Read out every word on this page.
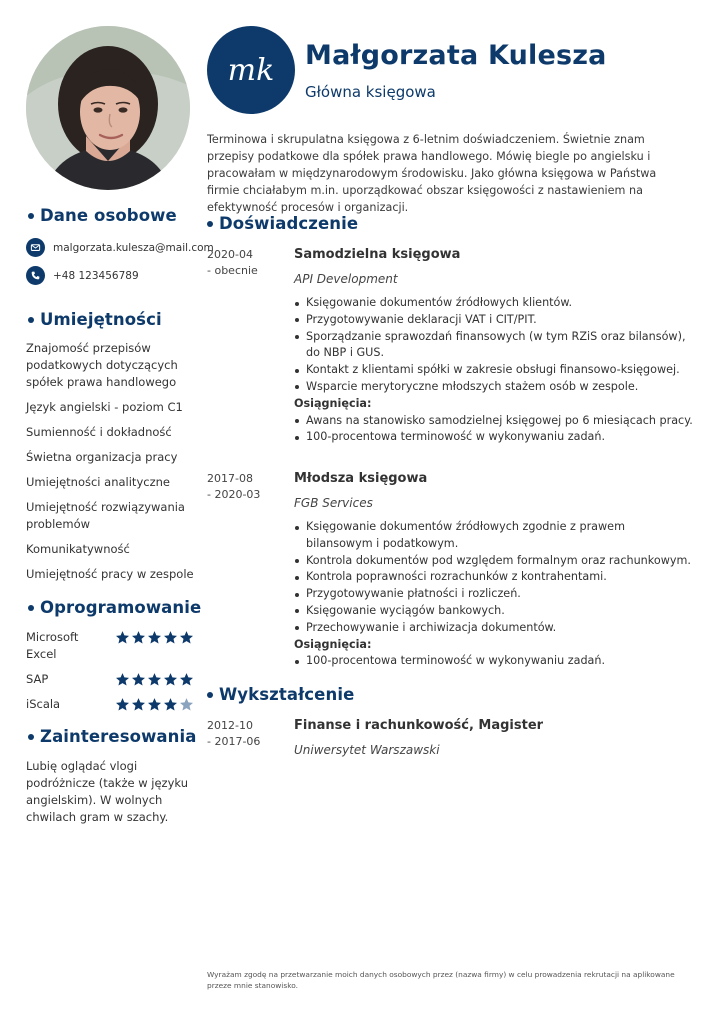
mk Małgorzata Kulesza
Główna księgowa
Terminowa i skrupulatna księgowa z 6-letnim doświadczeniem. Świetnie znam przepisy podatkowe dla spółek prawa handlowego. Mówię biegle po angielsku i pracowałam w międzynarodowym środowisku. Jako główna księgowa w Państwa firmie chciałabym m.in. uporządkować obszar księgowości z nastawieniem na efektywność procesów i organizacji.
Dane osobowe
malgorzata.kulesza@mail.com
+48 123456789
Umiejętności
Znajomość przepisów podatkowych dotyczących spółek prawa handlowego
Język angielski - poziom C1
Sumienność i dokładność
Świetna organizacja pracy
Umiejętności analityczne
Umiejętność rozwiązywania problemów
Komunikatywność
Umiejętność pracy w zespole
Oprogramowanie
Microsoft Excel
SAP
iScala
Zainteresowania
Lubię oglądać vlogi podróżnicze (także w języku angielskim). W wolnych chwilach gram w szachy.
Doświadczenie
2020-04
- obecnie
Samodzielna księgowa
API Development
Księgowanie dokumentów źródłowych klientów.
Przygotowywanie deklaracji VAT i CIT/PIT.
Sporządzanie sprawozdań finansowych (w tym RZiS oraz bilansów), do NBP i GUS.
Kontakt z klientami spółki w zakresie obsługi finansowo-księgowej.
Wsparcie merytoryczne młodszych stażem osób w zespole.
Osiągnięcia:
Awans na stanowisko samodzielnej księgowej po 6 miesiącach pracy.
100-procentowa terminowość w wykonywaniu zadań.
2017-08
- 2020-03
Młodsza księgowa
FGB Services
Księgowanie dokumentów źródłowych zgodnie z prawem bilansowym i podatkowym.
Kontrola dokumentów pod względem formalnym oraz rachunkowym.
Kontrola poprawności rozrachunków z kontrahentami.
Przygotowywanie płatności i rozliczeń.
Księgowanie wyciągów bankowych.
Przechowywanie i archiwizacja dokumentów.
Osiągnięcia:
100-procentowa terminowość w wykonywaniu zadań.
Wykształcenie
2012-10
- 2017-06
Finanse i rachunkowość, Magister
Uniwersytet Warszawski
Wyrażam zgodę na przetwarzanie moich danych osobowych przez (nazwa firmy) w celu prowadzenia rekrutacji na aplikowane przeze mnie stanowisko.
